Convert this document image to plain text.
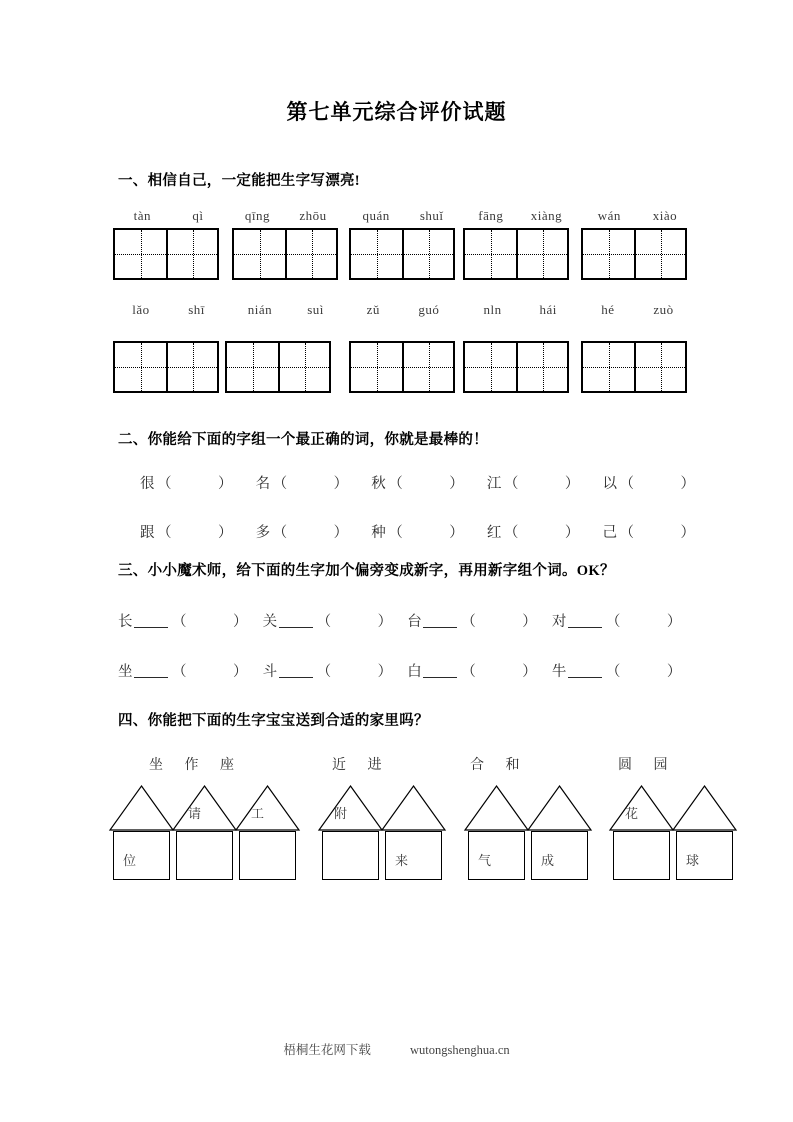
第七单元综合评价试题
一、相信自己，一定能把生字写漂亮!
tàn	qì	qīng zhōu	quán shuǐ	fāng xiàng	wán xiào
lǎo	shī	nián	suì	zǔ	guó	nln	hái	hé	zuò
二、你能给下面的字组一个最正确的词，你就是最棒的！
很 （	） 名 （	） 秋 （	） 江 （	） 以 （	）
跟 （	） 多 （	） 种 （	） 红 （	） 己 （	）
三、小小魔术师，给下面的生字加个偏旁变成新字，再用新字组个词。OK？
长	（	） 关	（	） 台	（	） 对	（	）
坐	（	） 斗	（	） 白	（	） 牛	（	）
四、你能把下面的生字宝宝送到合适的家里吗？
坐 作 座	近 进	合 和	圆 园
位
请	工	附
来	气	成
花
球
梧桐生花网下载	wutongshenghua.cn
